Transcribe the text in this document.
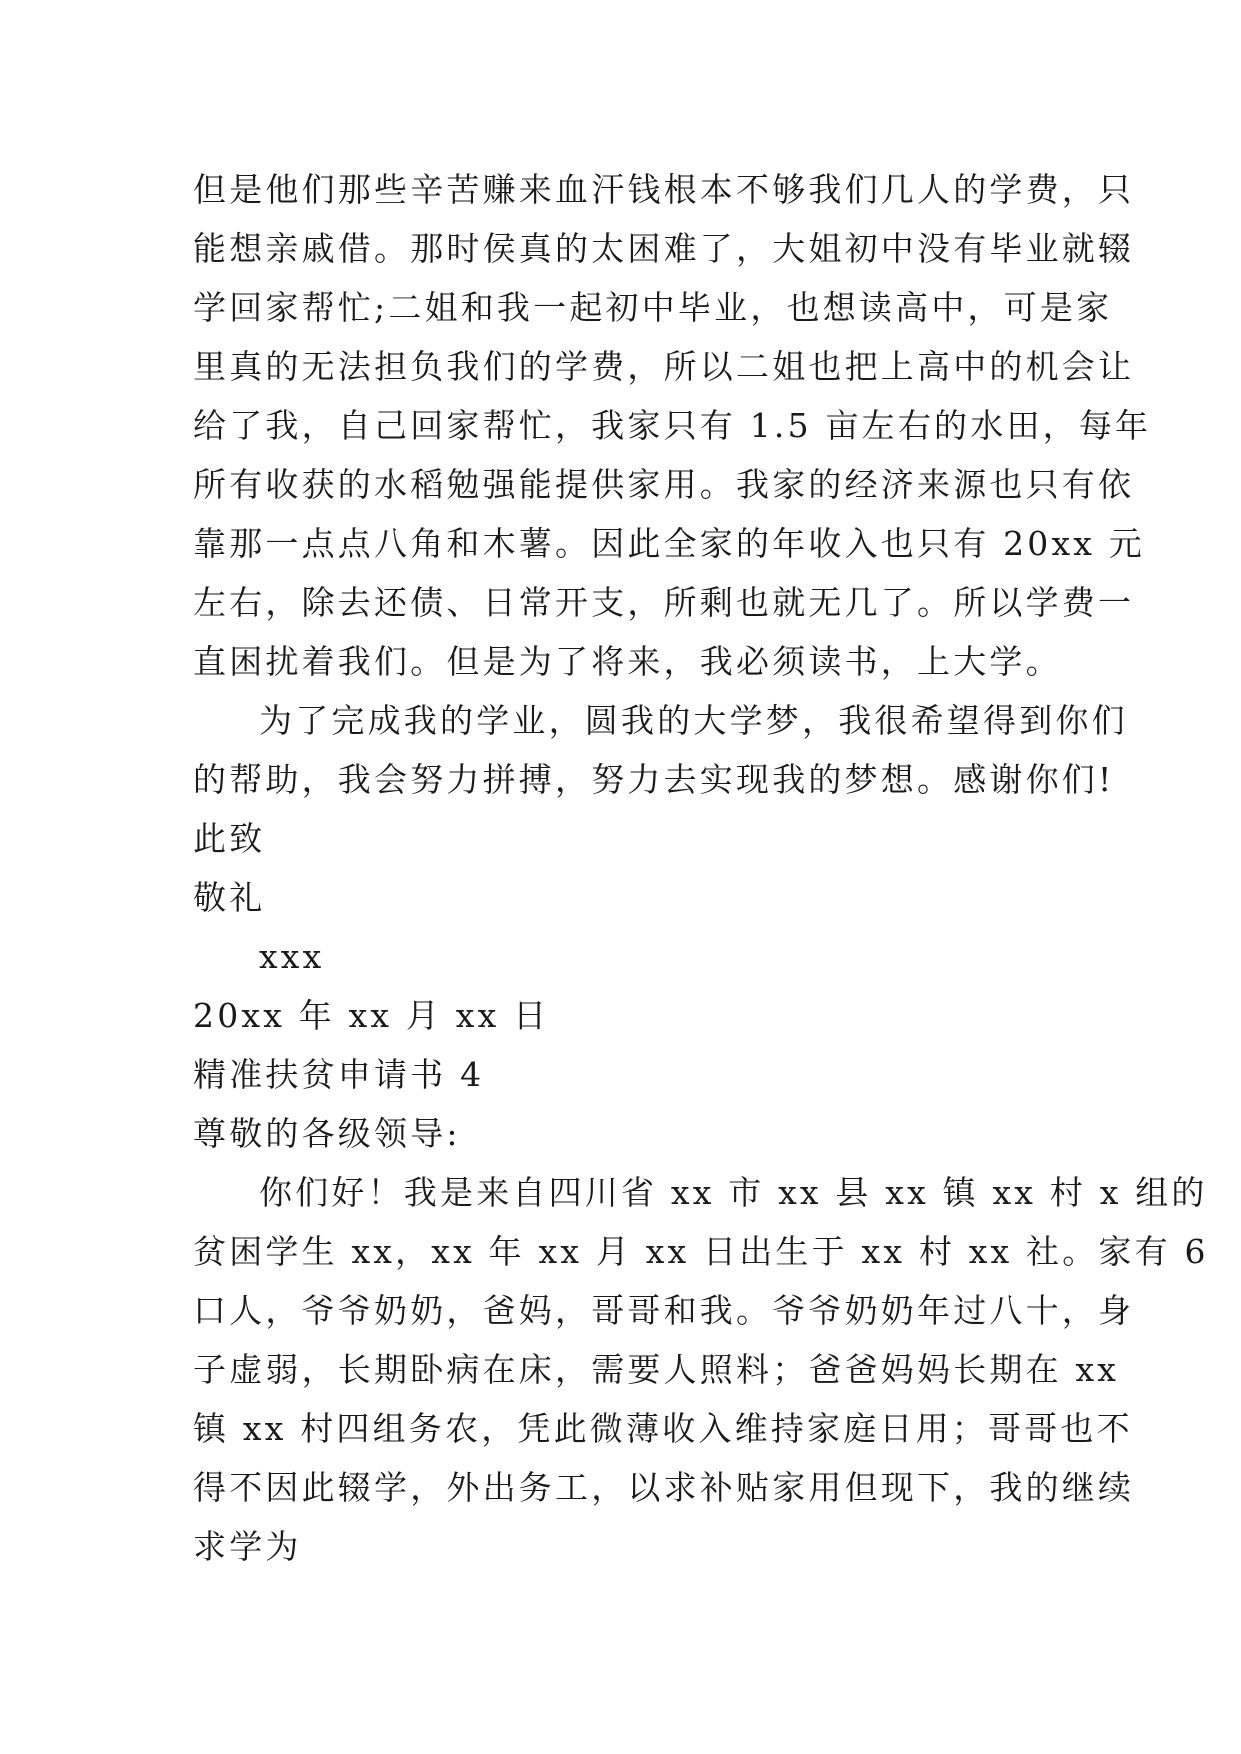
但是他们那些辛苦赚来血汗钱根本不够我们几人的学费，只
能想亲戚借。那时侯真的太困难了，大姐初中没有毕业就辍
学回家帮忙;二姐和我一起初中毕业，也想读高中，可是家
里真的无法担负我们的学费，所以二姐也把上高中的机会让
给了我，自己回家帮忙，我家只有 1.5 亩左右的水田，每年
所有收获的水稻勉强能提供家用。我家的经济来源也只有依
靠那一点点八角和木薯。因此全家的年收入也只有 20xx 元
左右，除去还债、日常开支，所剩也就无几了。所以学费一
直困扰着我们。但是为了将来，我必须读书，上大学。
为了完成我的学业，圆我的大学梦，我很希望得到你们
的帮助，我会努力拼搏，努力去实现我的梦想。感谢你们!
此致
敬礼
xxx
20xx 年 xx 月 xx 日
精准扶贫申请书 4
尊敬的各级领导:
你们好！我是来自四川省 xx 市 xx 县 xx 镇 xx 村 x 组的
贫困学生 xx，xx 年 xx 月 xx 日出生于 xx 村 xx 社。家有 6
口人，爷爷奶奶，爸妈，哥哥和我。爷爷奶奶年过八十，身
子虚弱，长期卧病在床，需要人照料；爸爸妈妈长期在 xx
镇 xx 村四组务农，凭此微薄收入维持家庭日用；哥哥也不
得不因此辍学，外出务工，以求补贴家用但现下，我的继续
求学为
